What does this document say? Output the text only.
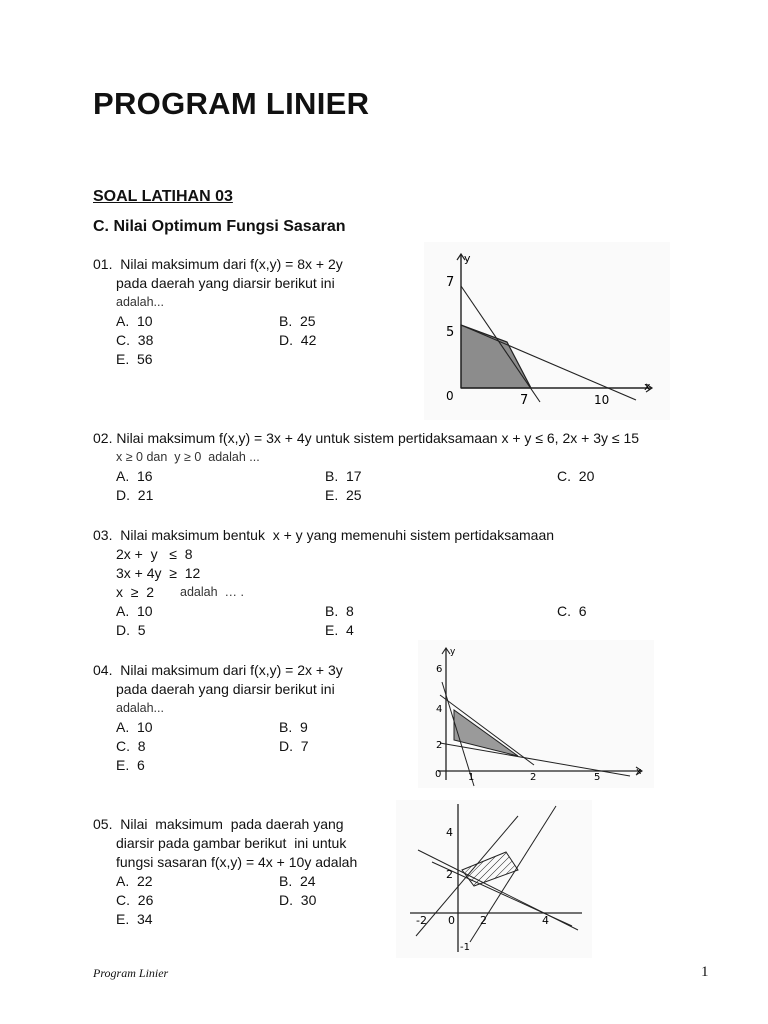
PROGRAM LINIER
SOAL LATIHAN 03
C. Nilai Optimum Fungsi Sasaran
01.  Nilai maksimum dari f(x,y) = 8x + 2y
pada daerah yang diarsir berikut ini
adalah...
A.  10	B.  25
C.  38	D.  42
E.  56
y
x
7
5
0	7	10
02. Nilai maksimum f(x,y) = 3x + 4y untuk sistem pertidaksamaan x + y ≤ 6, 2x + 3y ≤ 15
x ≥ 0 dan  y ≥ 0  adalah ...
A.  16	B.  17	C.  20
D.  21	E.  25
03.  Nilai maksimum bentuk  x + y yang memenuhi sistem pertidaksamaan
2x +  y   ≤  8
3x + 4y  ≥  12
x  ≥  2 adalah  … .
A.  10	B.  8	C.  6
D.  5	E.  4
04.  Nilai maksimum dari f(x,y) = 2x + 3y
pada daerah yang diarsir berikut ini
adalah...
A.  10	B.  9
C.  8	D.  7
E.  6
y
x
6
4
2
0	1	2	5
05.  Nilai  maksimum  pada daerah yang
diarsir pada gambar berikut  ini untuk
fungsi sasaran f(x,y) = 4x + 10y adalah
A.  22	B.  24
C.  26	D.  30
E.  34
4
2
-2 0 2	4
-1
Program Linier	1
